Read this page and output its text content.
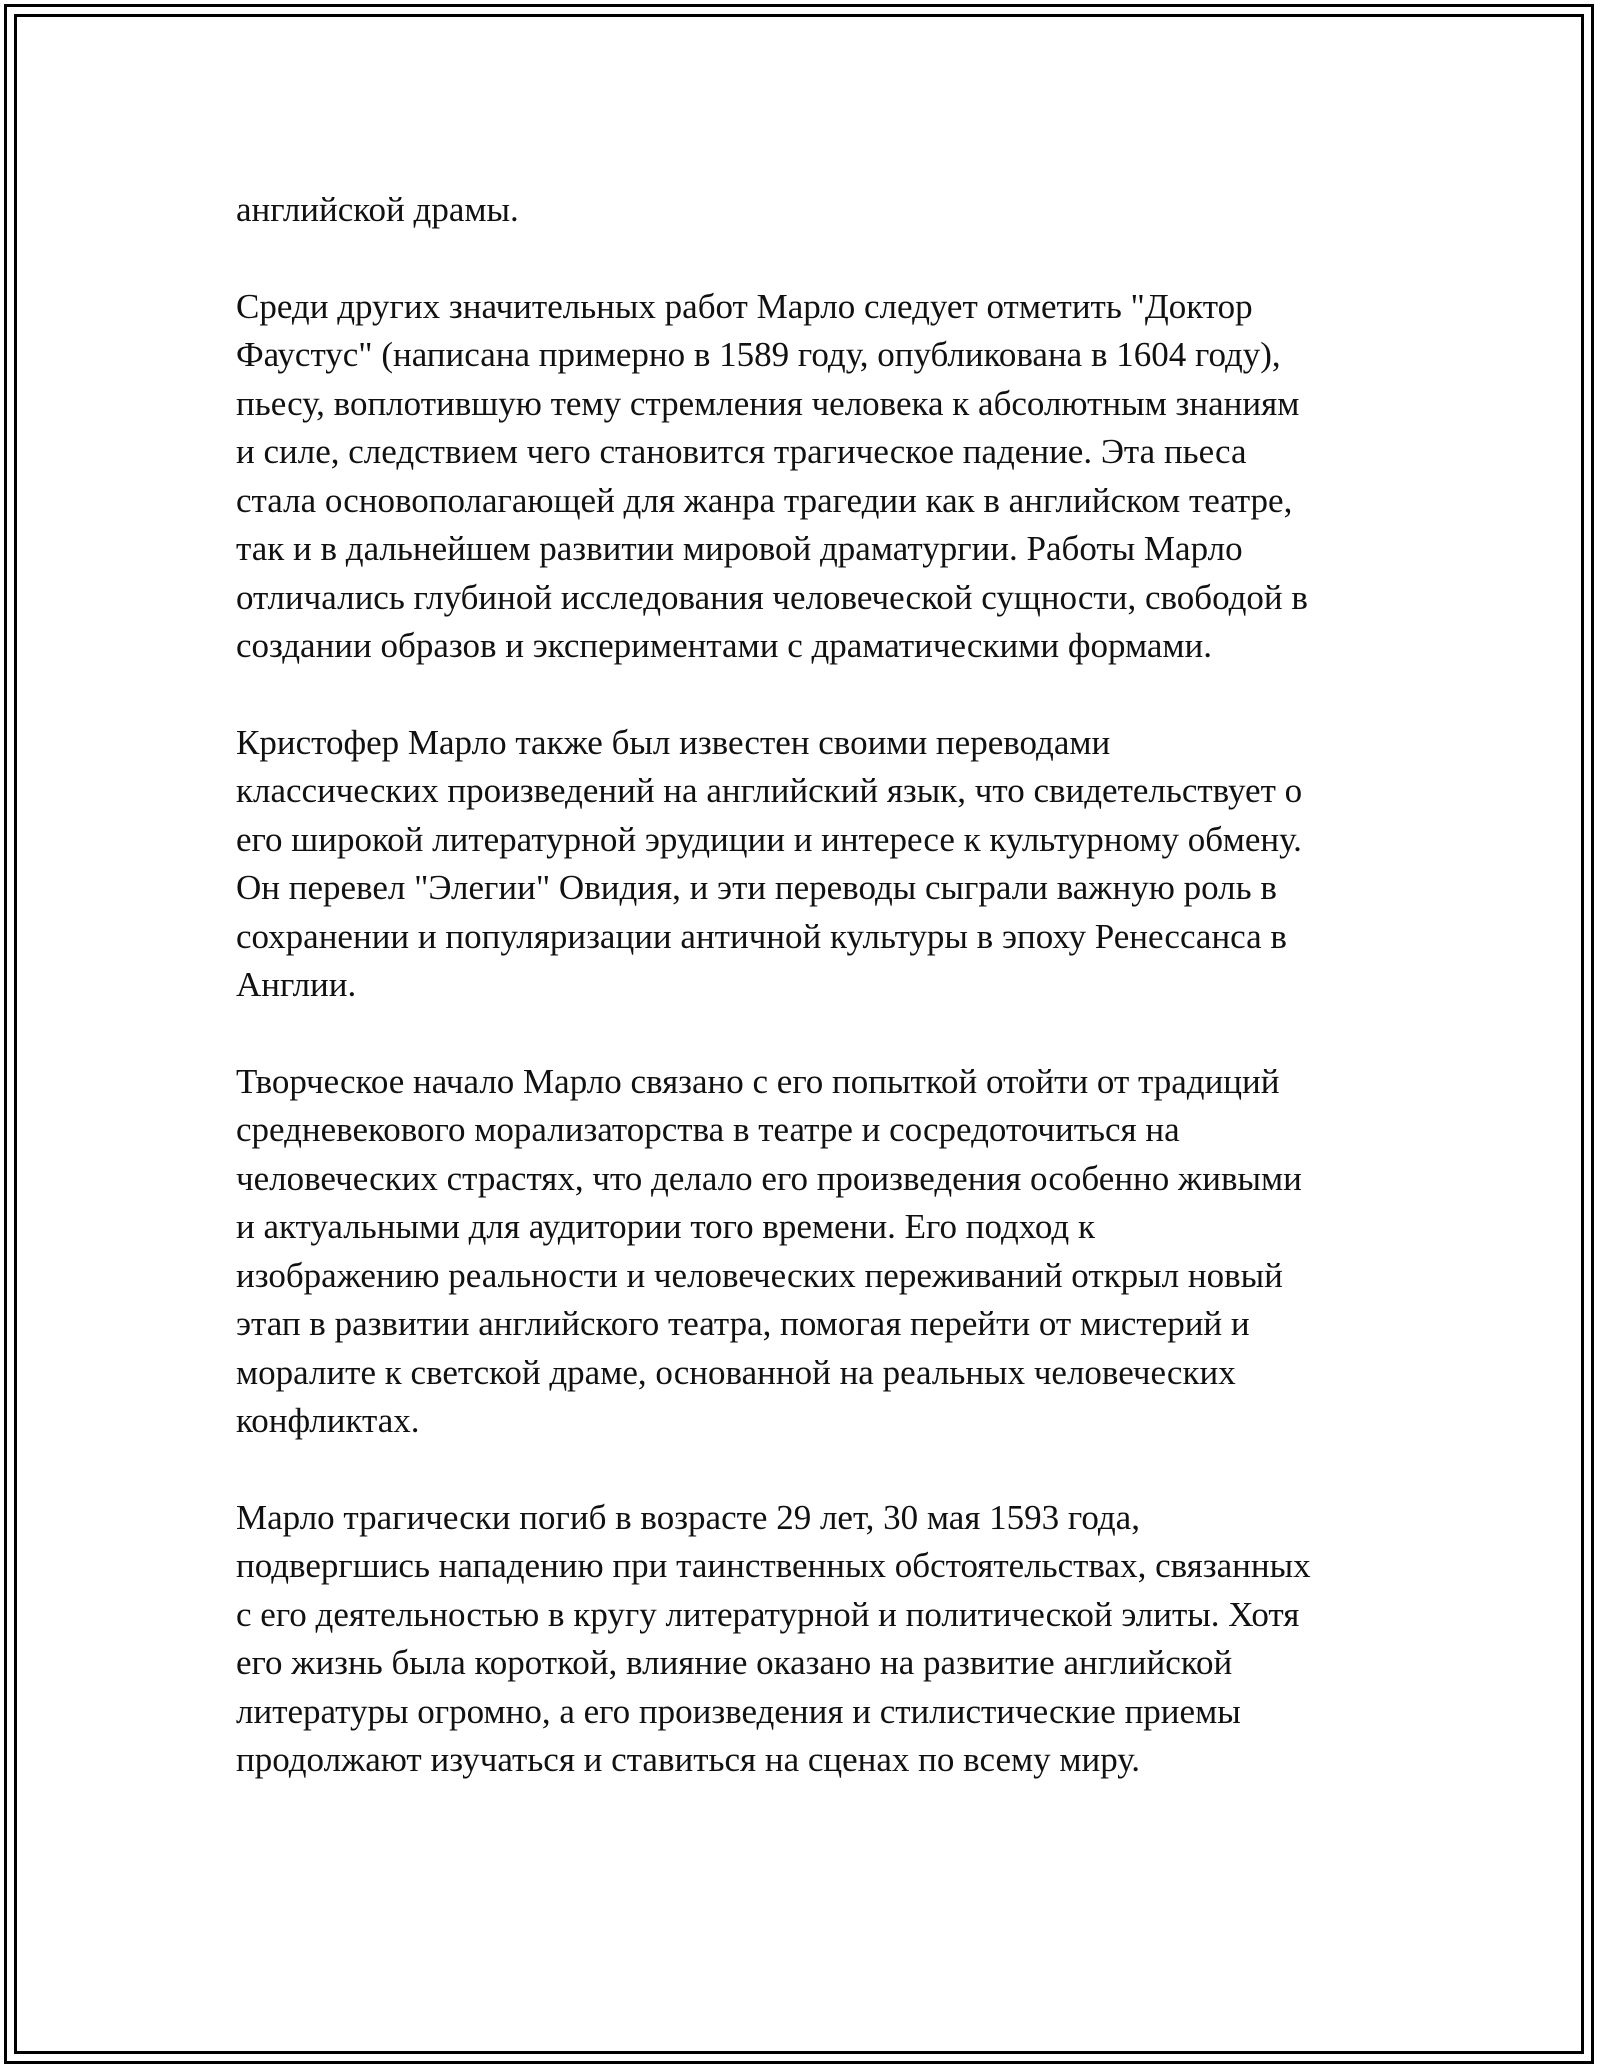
английской драмы.

Среди других значительных работ Марло следует отметить "Доктор
Фаустус" (написана примерно в 1589 году, опубликована в 1604 году),
пьесу, воплотившую тему стремления человека к абсолютным знаниям
и силе, следствием чего становится трагическое падение. Эта пьеса
стала основополагающей для жанра трагедии как в английском театре,
так и в дальнейшем развитии мировой драматургии. Работы Марло
отличались глубиной исследования человеческой сущности, свободой в
создании образов и экспериментами с драматическими формами.

Кристофер Марло также был известен своими переводами
классических произведений на английский язык, что свидетельствует о
его широкой литературной эрудиции и интересе к культурному обмену.
Он перевел "Элегии" Овидия, и эти переводы сыграли важную роль в
сохранении и популяризации античной культуры в эпоху Ренессанса в
Англии.

Творческое начало Марло связано с его попыткой отойти от традиций
средневекового морализаторства в театре и сосредоточиться на
человеческих страстях, что делало его произведения особенно живыми
и актуальными для аудитории того времени. Его подход к
изображению реальности и человеческих переживаний открыл новый
этап в развитии английского театра, помогая перейти от мистерий и
моралите к светской драме, основанной на реальных человеческих
конфликтах.

Марло трагически погиб в возрасте 29 лет, 30 мая 1593 года,
подвергшись нападению при таинственных обстоятельствах, связанных
с его деятельностью в кругу литературной и политической элиты. Хотя
его жизнь была короткой, влияние оказано на развитие английской
литературы огромно, а его произведения и стилистические приемы
продолжают изучаться и ставиться на сценах по всему миру.
